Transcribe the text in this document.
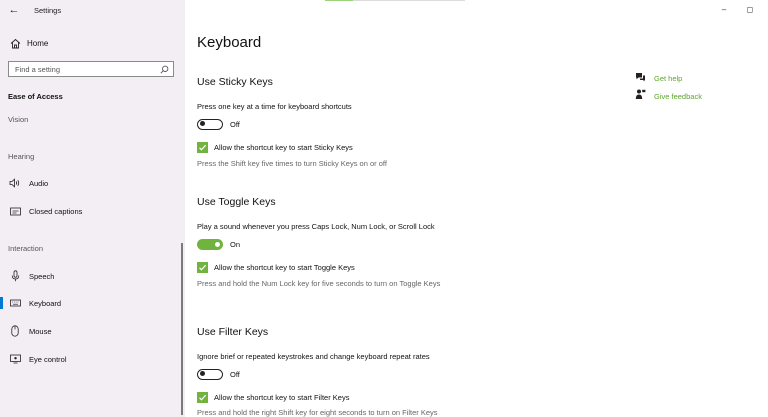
← Settings
Home
Find a setting
Ease of Access
Vision
Hearing
Audio
Closed captions
Interaction
Speech
Keyboard
Mouse
Eye control
–	◻
Keyboard
Use Sticky Keys
Press one key at a time for keyboard shortcuts
Off
Allow the shortcut key to start Sticky Keys
Press the Shift key five times to turn Sticky Keys on or off
Use Toggle Keys
Play a sound whenever you press Caps Lock, Num Lock, or Scroll Lock
On
Allow the shortcut key to start Toggle Keys
Press and hold the Num Lock key for five seconds to turn on Toggle Keys
Use Filter Keys
Ignore brief or repeated keystrokes and change keyboard repeat rates
Off
Allow the shortcut key to start Filter Keys
Press and hold the right Shift key for eight seconds to turn on Filter Keys
Get help
Give feedback
